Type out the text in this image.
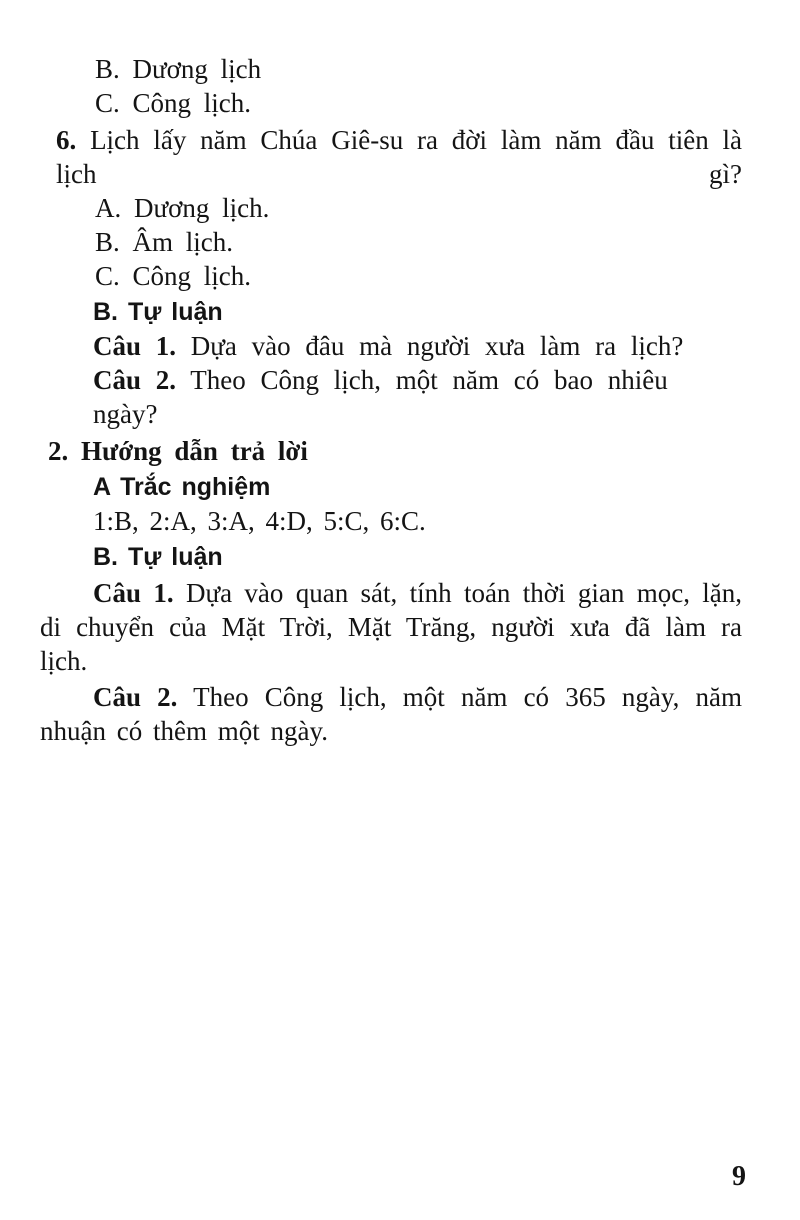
B. Dương lịch

C. Công lịch.

6. Lịch lấy năm Chúa Giê-su ra đời làm năm đầu tiên là lịch gì?

A. Dương lịch.

B. Âm lịch.

C. Công lịch.

B. Tự luận

Câu 1. Dựa vào đâu mà người xưa làm ra lịch?

Câu 2. Theo Công lịch, một năm có bao nhiêu ngày?

2. Hướng dẫn trả lời

A Trắc nghiệm

1:B, 2:A, 3:A, 4:D, 5:C, 6:C.

B. Tự luận

Câu 1. Dựa vào quan sát, tính toán thời gian mọc, lặn, di chuyển của Mặt Trời, Mặt Trăng, người xưa đã làm ra lịch.

Câu 2. Theo Công lịch, một năm có 365 ngày, năm nhuận có thêm một ngày.

9
